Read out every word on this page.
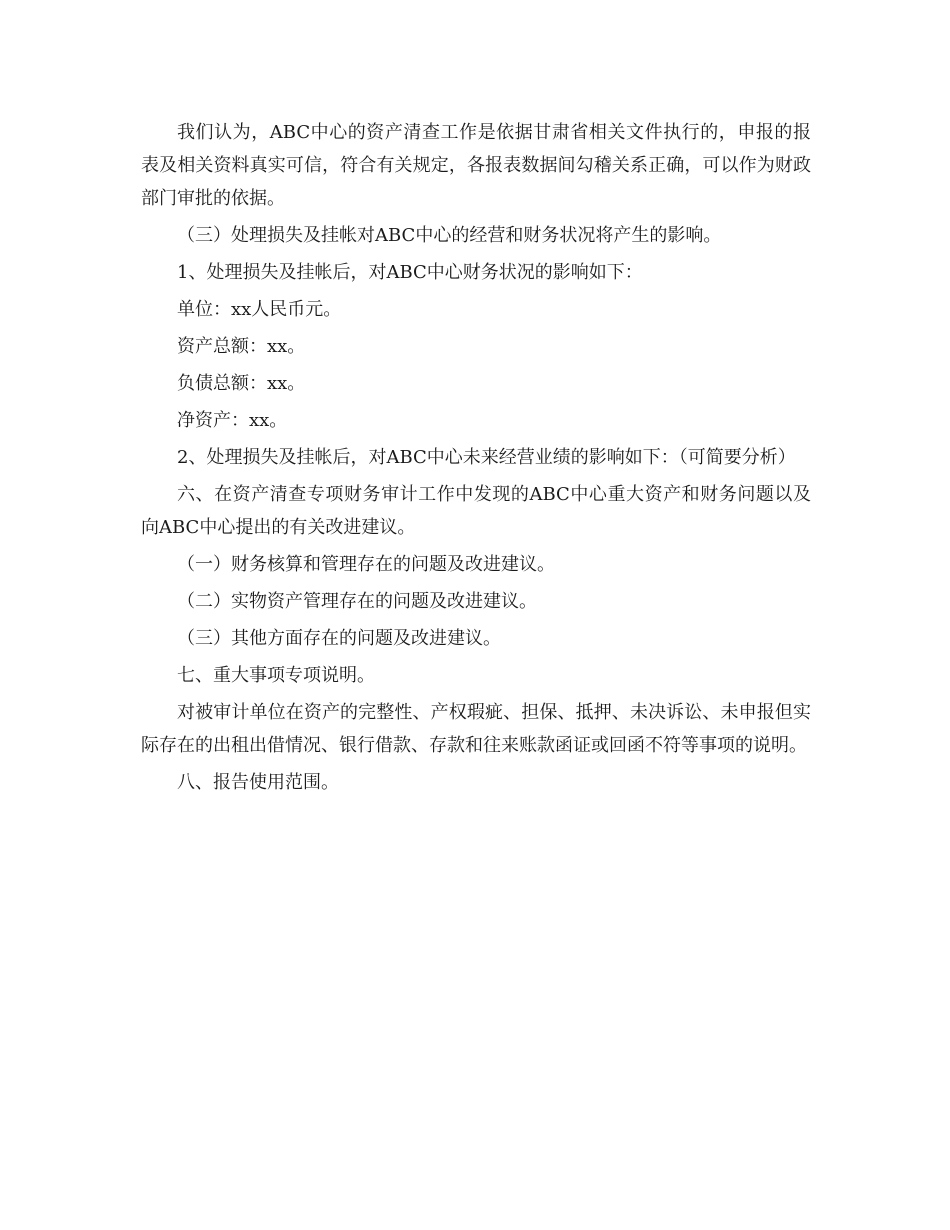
我们认为，ABC中心的资产清查工作是依据甘肃省相关文件执行的，申报的报表及相关资料真实可信，符合有关规定，各报表数据间勾稽关系正确，可以作为财政部门审批的依据。

（三）处理损失及挂帐对ABC中心的经营和财务状况将产生的影响。

1、处理损失及挂帐后，对ABC中心财务状况的影响如下：

单位：xx人民币元。

资产总额：xx。

负债总额：xx。

净资产：xx。

2、处理损失及挂帐后，对ABC中心未来经营业绩的影响如下：（可简要分析）

六、在资产清查专项财务审计工作中发现的ABC中心重大资产和财务问题以及向ABC中心提出的有关改进建议。

（一）财务核算和管理存在的问题及改进建议。

（二）实物资产管理存在的问题及改进建议。

（三）其他方面存在的问题及改进建议。

七、重大事项专项说明。

对被审计单位在资产的完整性、产权瑕疵、担保、抵押、未决诉讼、未申报但实际存在的出租出借情况、银行借款、存款和往来账款函证或回函不符等事项的说明。

八、报告使用范围。
